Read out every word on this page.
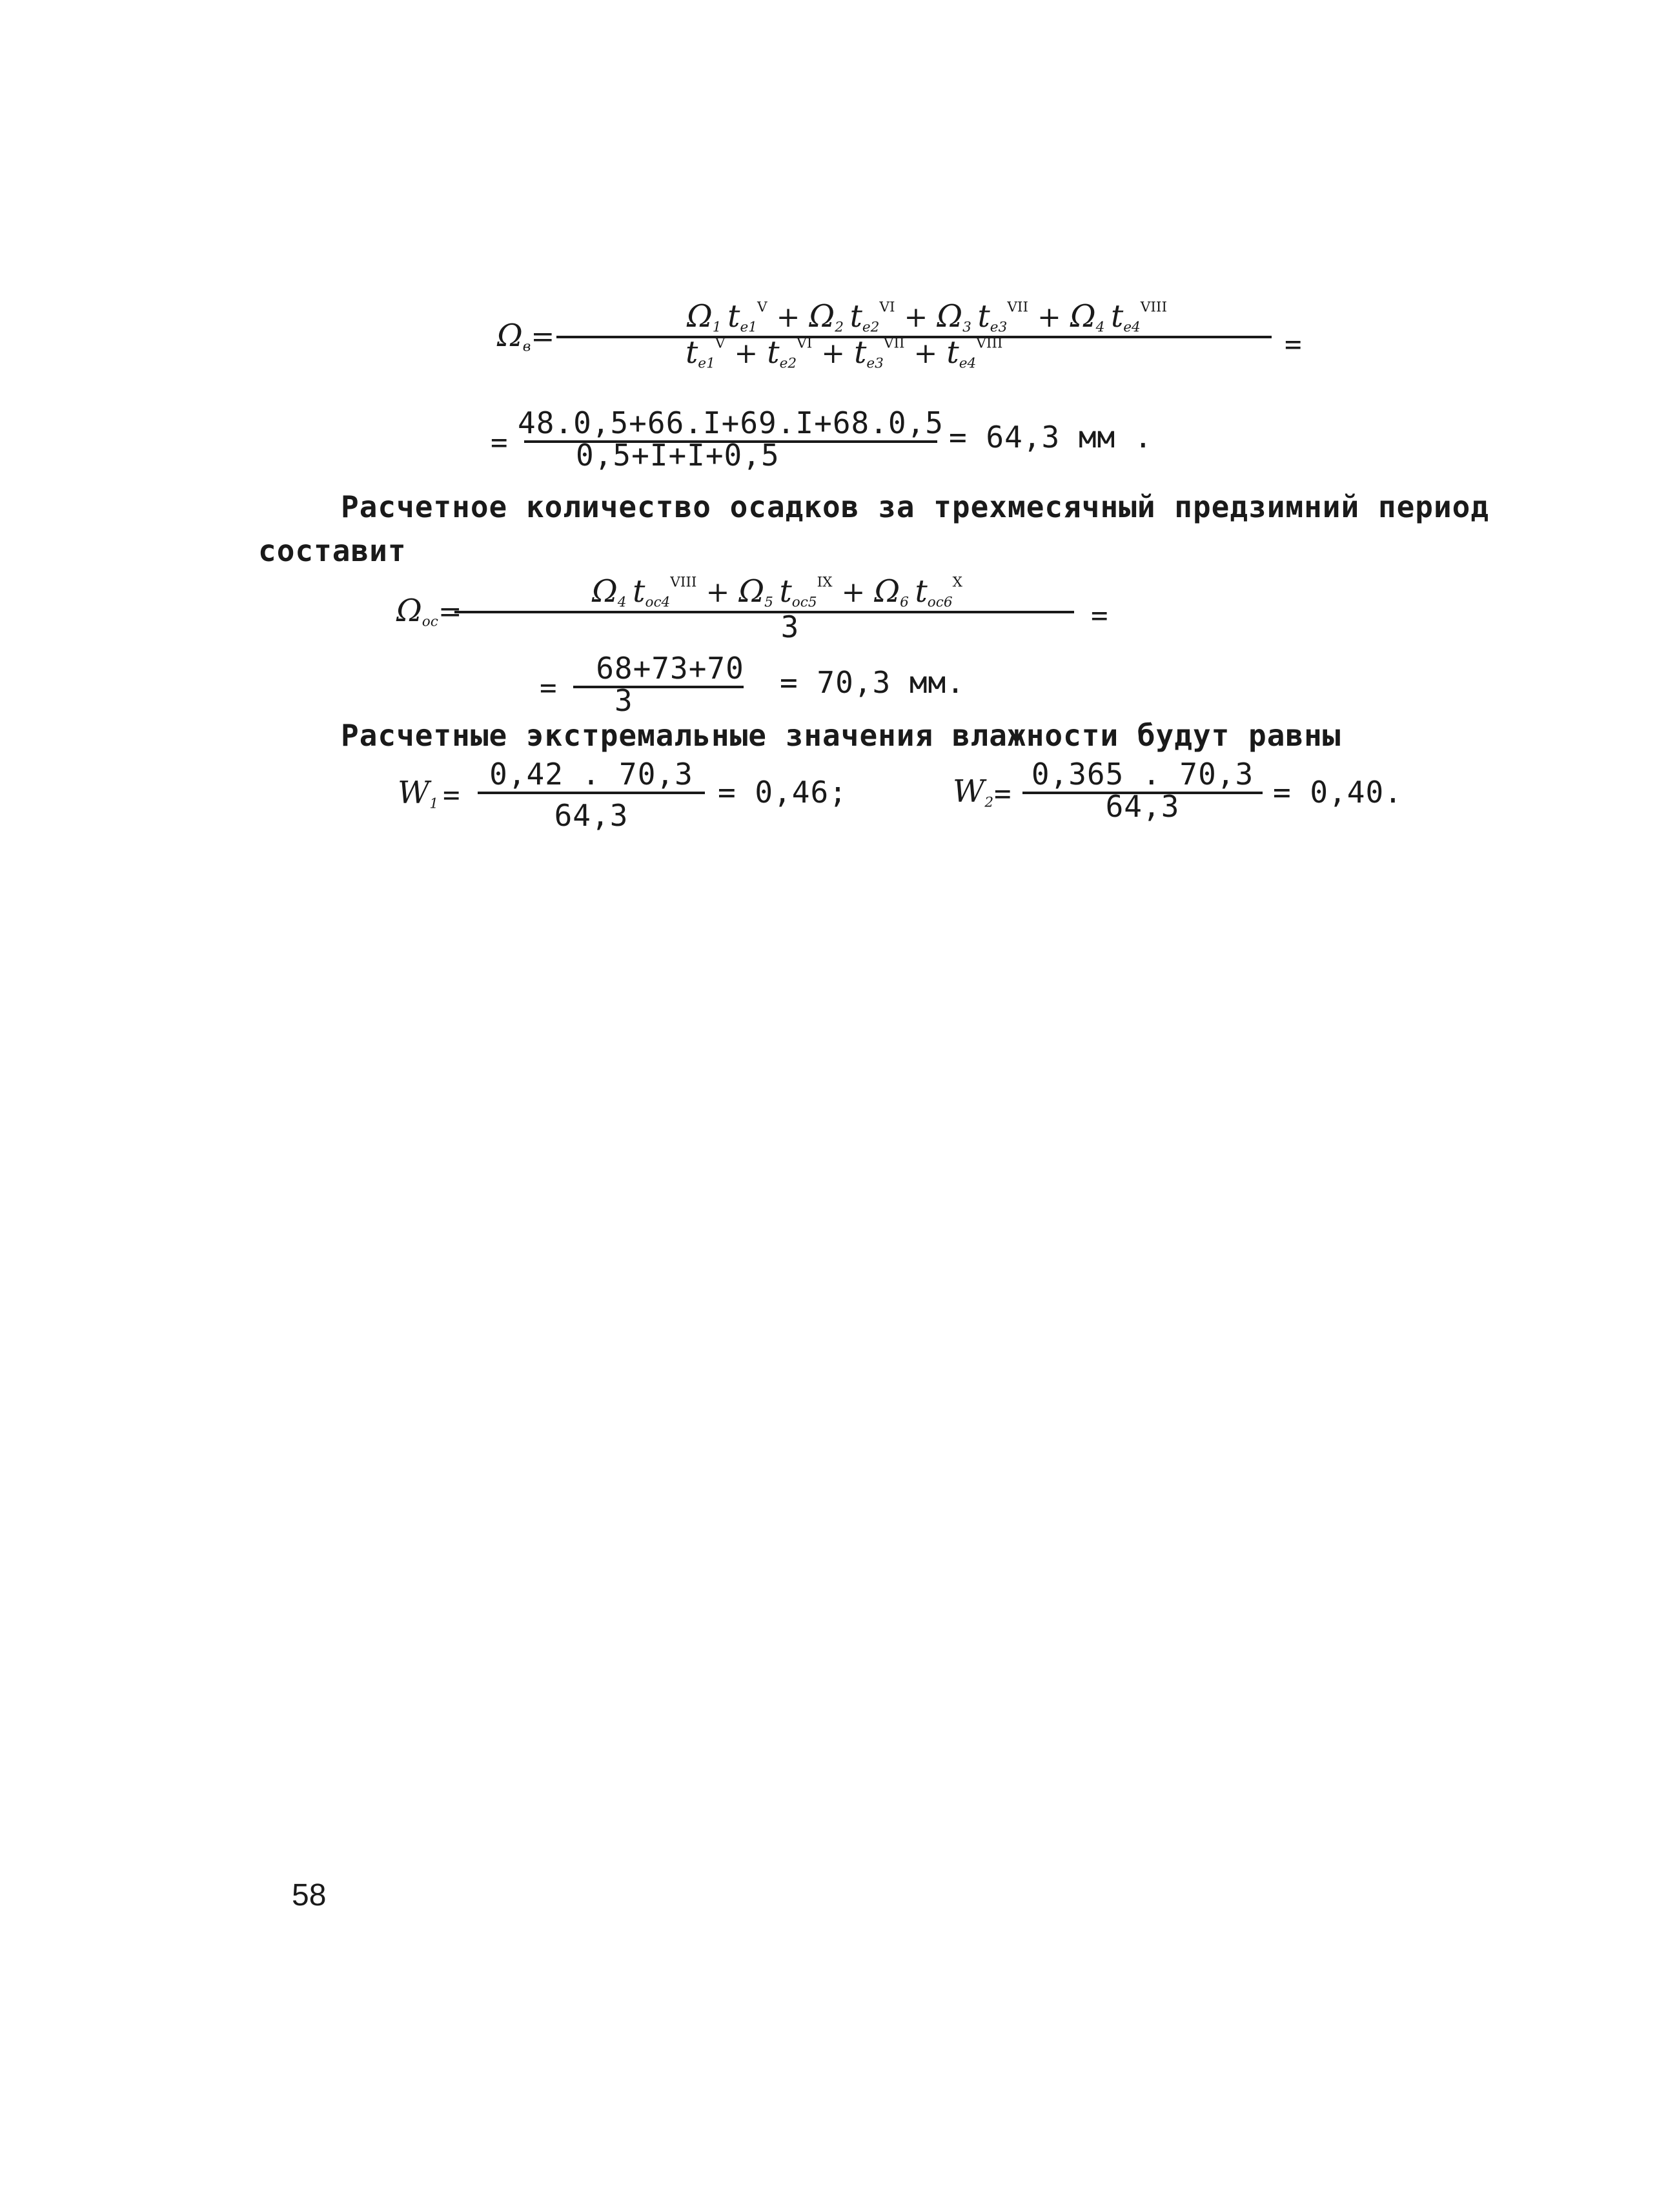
$\Omega_в=$
$\Omega_1$  $t_{e1}^V + \Omega_2$  $t_{e2}^{VI} + \Omega_3$  $t_{e3}^{VII} + \Omega_4$  $t_{e4}^{VIII}$
$t_{e1}^V + t_{e2}^{VI} + t_{e3}^{VII} + t_{e4}^{VIII}$	=
=
48.0,5+66.I+69.I+68.0,5
0,5+I+I+0,5
= 64,3 мм .
Расчетное количество осадков за трехмесячный предзимний период
составит
$\Omega_{ос}=$
$\Omega_4$  $t_{ос4}^{VIII} + \Omega_5$  $t_{ос5}^{IX} + \Omega_6$  $t_{ос6}^X$
3	=
=
68+73+70
3
= 70,3 мм.
Расчетные экстремальные значения влажности будут равны
$W_1$ =
0,42 . 70,3
64,3
= 0,46;	$W_2$ =
0,365 . 70,3
64,3	= 0,40.
58
